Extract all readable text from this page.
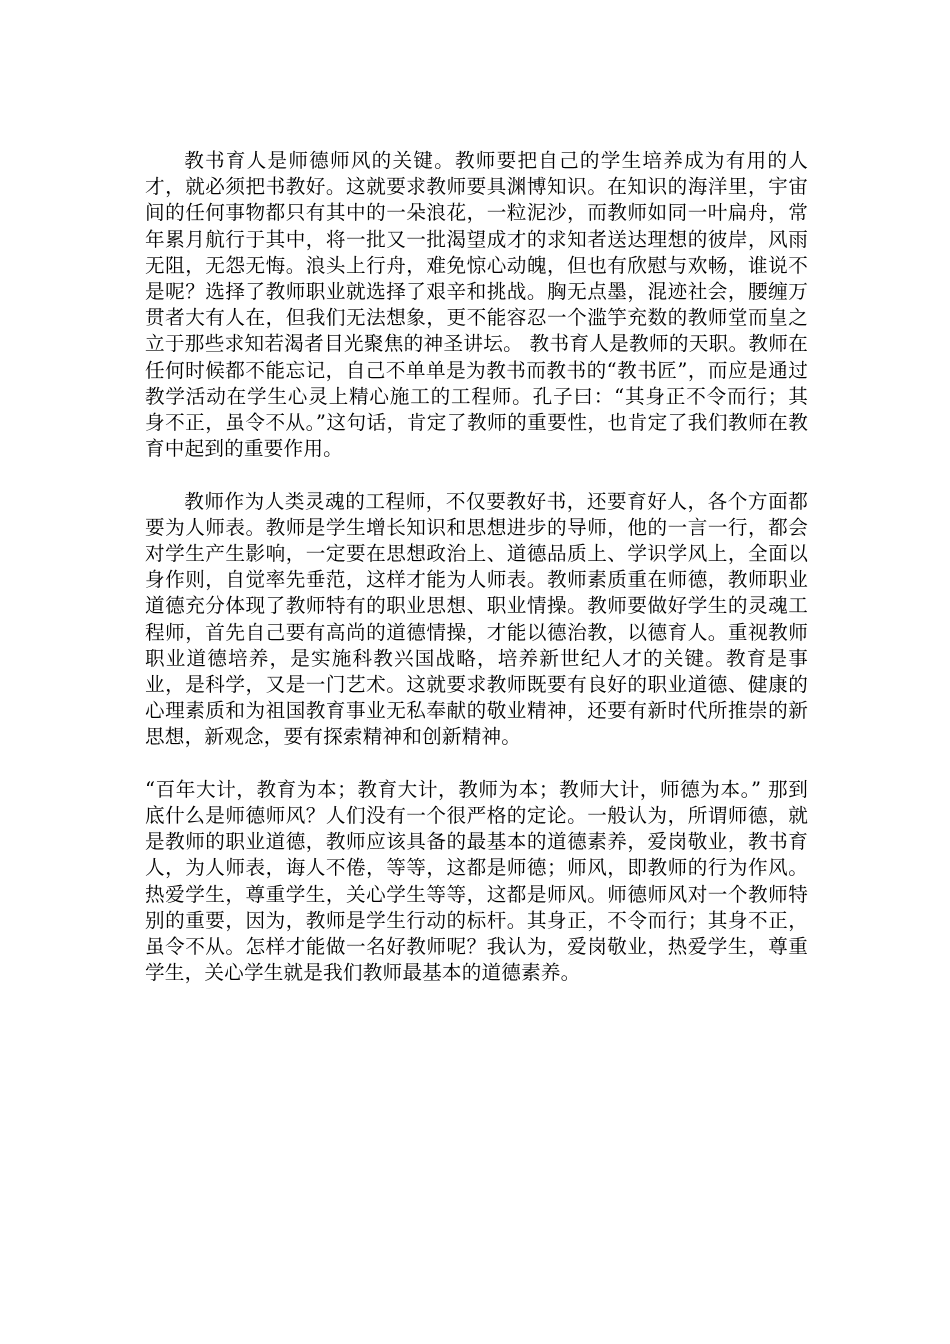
教书育人是师德师风的关键。教师要把自己的学生培养成为有用的人才，就必须把书教好。这就要求教师要具渊博知识。在知识的海洋里，宇宙间的任何事物都只有其中的一朵浪花，一粒泥沙，而教师如同一叶扁舟，常年累月航行于其中，将一批又一批渴望成才的求知者送达理想的彼岸，风雨无阻，无怨无悔。浪头上行舟，难免惊心动魄，但也有欣慰与欢畅，谁说不是呢？选择了教师职业就选择了艰辛和挑战。胸无点墨，混迹社会，腰缠万贯者大有人在，但我们无法想象，更不能容忍一个滥竽充数的教师堂而皇之立于那些求知若渴者目光聚焦的神圣讲坛。 教书育人是教师的天职。教师在任何时候都不能忘记，自己不单单是为教书而教书的“教书匠”，而应是通过教学活动在学生心灵上精心施工的工程师。孔子曰：“其身正不令而行；其身不正，虽令不从。”这句话，肯定了教师的重要性，也肯定了我们教师在教育中起到的重要作用。

教师作为人类灵魂的工程师，不仅要教好书，还要育好人，各个方面都要为人师表。教师是学生增长知识和思想进步的导师，他的一言一行，都会对学生产生影响，一定要在思想政治上、道德品质上、学识学风上，全面以身作则，自觉率先垂范，这样才能为人师表。教师素质重在师德，教师职业道德充分体现了教师特有的职业思想、职业情操。教师要做好学生的灵魂工程师，首先自己要有高尚的道德情操，才能以德治教，以德育人。重视教师职业道德培养，是实施科教兴国战略，培养新世纪人才的关键。教育是事业，是科学，又是一门艺术。这就要求教师既要有良好的职业道德、健康的心理素质和为祖国教育事业无私奉献的敬业精神，还要有新时代所推崇的新思想，新观念，要有探索精神和创新精神。

“百年大计，教育为本；教育大计，教师为本；教师大计，师德为本。” 那到底什么是师德师风？人们没有一个很严格的定论。一般认为，所谓师德，就是教师的职业道德，教师应该具备的最基本的道德素养，爱岗敬业，教书育人，为人师表，诲人不倦，等等，这都是师德；师风，即教师的行为作风。热爱学生，尊重学生，关心学生等等，这都是师风。师德师风对一个教师特别的重要，因为，教师是学生行动的标杆。其身正，不令而行；其身不正，虽令不从。怎样才能做一名好教师呢？我认为，爱岗敬业，热爱学生，尊重学生，关心学生就是我们教师最基本的道德素养。
